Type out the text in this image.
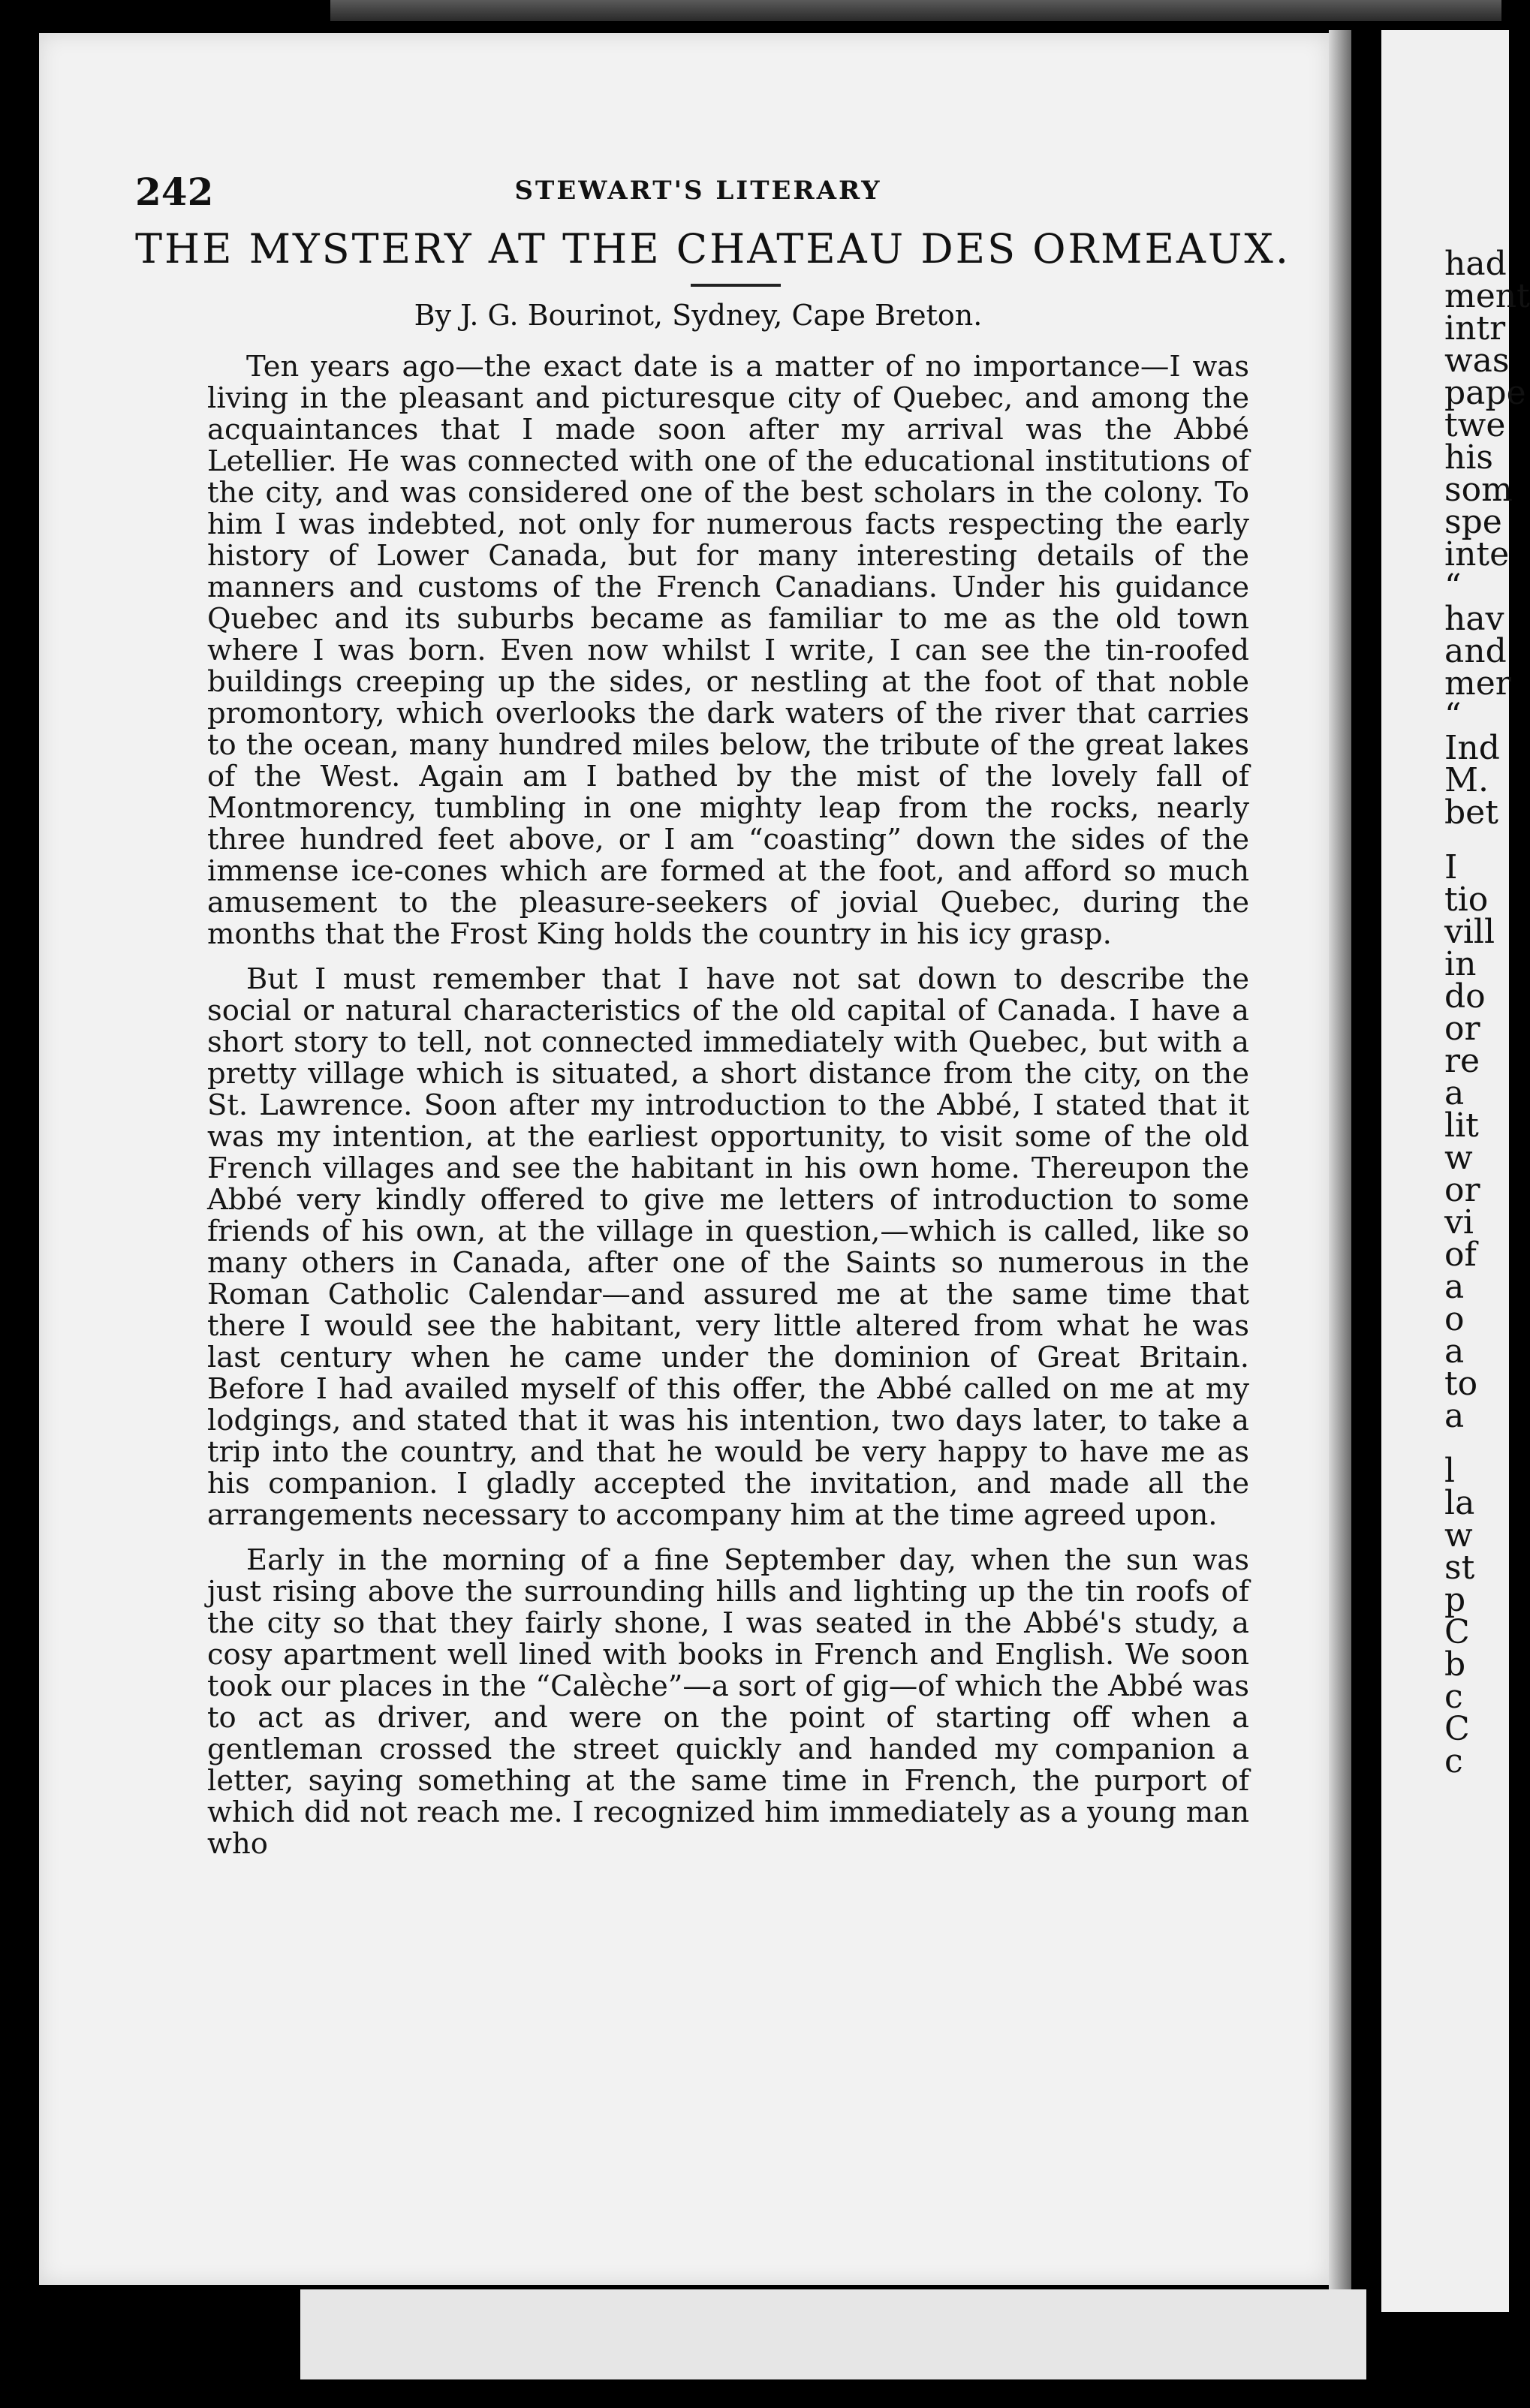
had
ment
intr
was
pape
twe
his
som
spe
inte
“
hav
and
mer
“
Ind
M.
bet
I
tio
vill
in
do
or
re
a
lit
w
or
vi
of
a
o
a
to
a
l
la
w
st
p
C
b
c
C
c
242	STEWART'S LITERARY
THE MYSTERY AT THE CHATEAU DES ORMEAUX.
By J. G. Bourinot, Sydney, Cape Breton.

Ten years ago—the exact date is a matter of no importance—I was living in the pleasant and picturesque city of Quebec, and among the acquaintances that I made soon after my arrival was the Abbé Letellier. He was connected with one of the educational institutions of the city, and was considered one of the best scholars in the colony. To him I was indebted, not only for numerous facts respecting the early history of Lower Canada, but for many interesting details of the manners and customs of the French Canadians. Under his guidance Quebec and its suburbs became as familiar to me as the old town where I was born. Even now whilst I write, I can see the tin-roofed buildings creeping up the sides, or nestling at the foot of that noble promontory, which overlooks the dark waters of the river that carries to the ocean, many hundred miles below, the tribute of the great lakes of the West. Again am I bathed by the mist of the lovely fall of Montmorency, tumbling in one mighty leap from the rocks, nearly three hundred feet above, or I am “coasting” down the sides of the immense ice-cones which are formed at the foot, and afford so much amusement to the pleasure-seekers of jovial Quebec, during the months that the Frost King holds the country in his icy grasp.

But I must remember that I have not sat down to describe the social or natural characteristics of the old capital of Canada. I have a short story to tell, not connected immediately with Quebec, but with a pretty village which is situated, a short distance from the city, on the St. Lawrence. Soon after my introduction to the Abbé, I stated that it was my intention, at the earliest opportunity, to visit some of the old French villages and see the habitant in his own home. Thereupon the Abbé very kindly offered to give me letters of introduction to some friends of his own, at the village in question,—which is called, like so many others in Canada, after one of the Saints so numerous in the Roman Catholic Calendar—and assured me at the same time that there I would see the habitant, very little altered from what he was last century when he came under the dominion of Great Britain. Before I had availed myself of this offer, the Abbé called on me at my lodgings, and stated that it was his intention, two days later, to take a trip into the country, and that he would be very happy to have me as his companion. I gladly accepted the invitation, and made all the arrangements necessary to accompany him at the time agreed upon.

Early in the morning of a fine September day, when the sun was just rising above the surrounding hills and lighting up the tin roofs of the city so that they fairly shone, I was seated in the Abbé's study, a cosy apartment well lined with books in French and English. We soon took our places in the “Calèche”—a sort of gig—of which the Abbé was to act as driver, and were on the point of starting off when a gentleman crossed the street quickly and handed my companion a letter, saying something at the same time in French, the purport of which did not reach me. I recognized him immediately as a young man who
